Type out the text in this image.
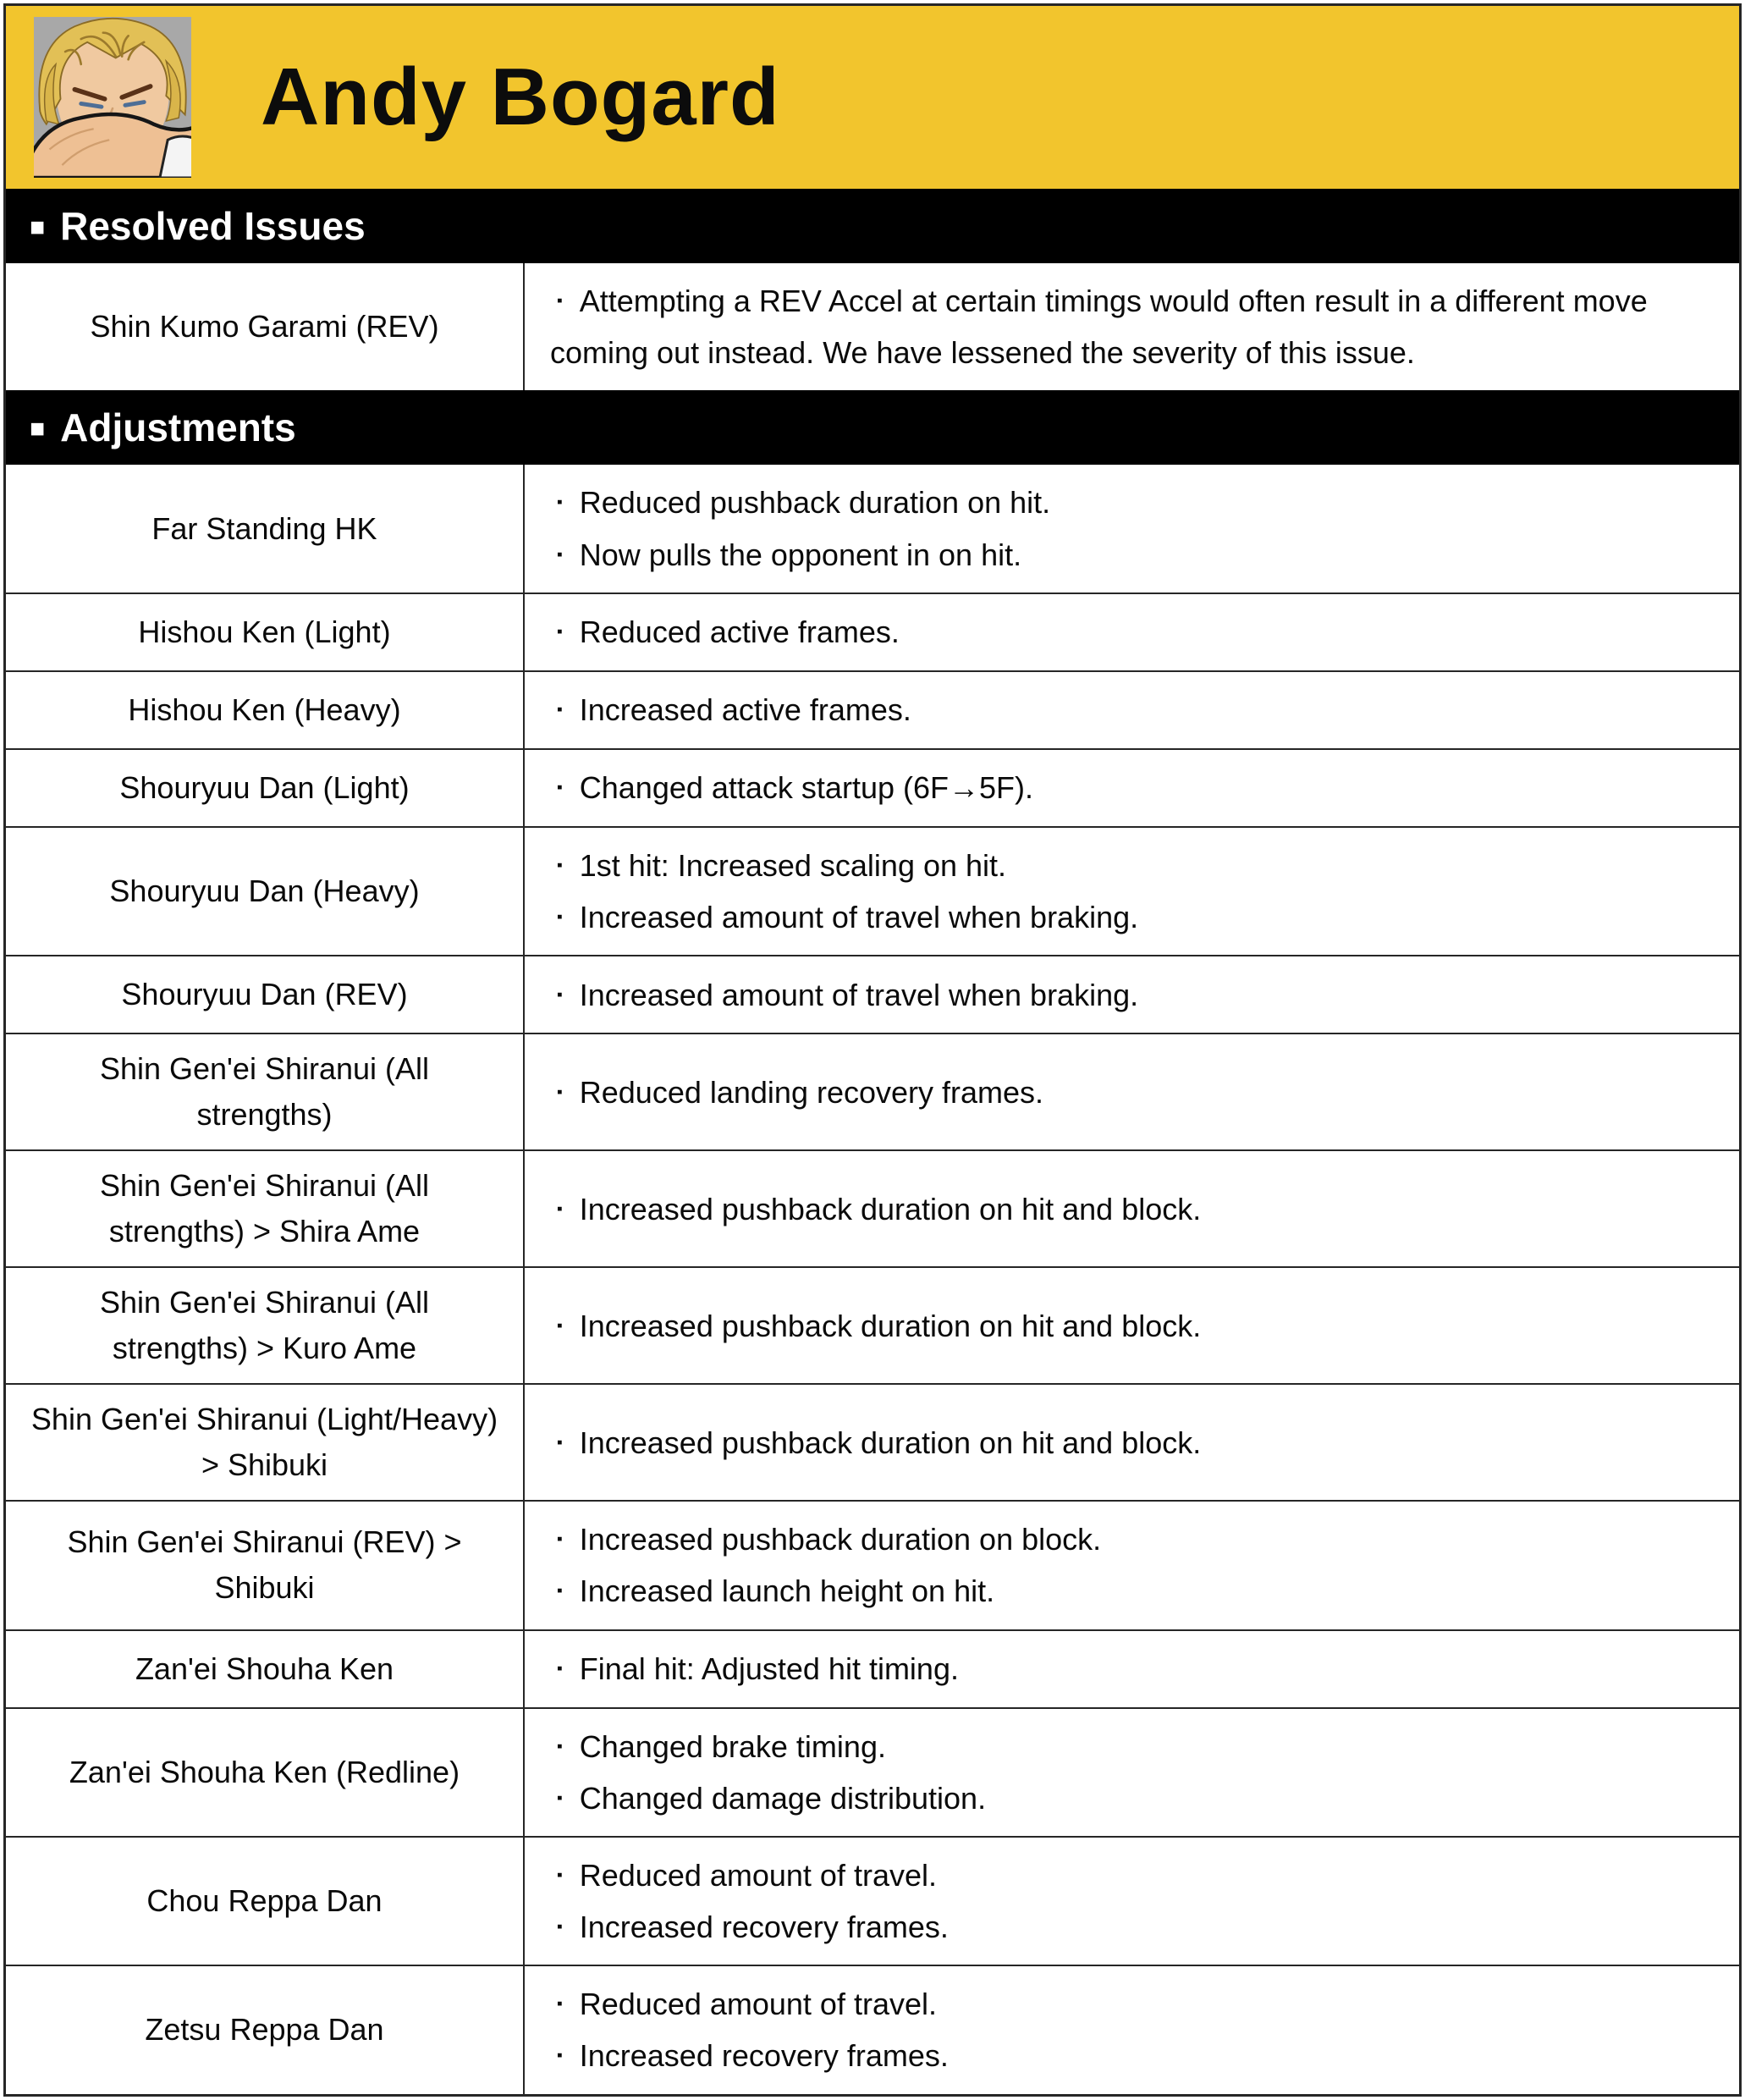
Andy Bogard
■ Resolved Issues
Shin Kumo Garami (REV)
▪ Attempting a REV Accel at certain timings would often result in a different move coming out instead. We have lessened the severity of this issue.
■ Adjustments
Far Standing HK
▪ Reduced pushback duration on hit.
▪ Now pulls the opponent in on hit.
Hishou Ken (Light)	▪ Reduced active frames.
Hishou Ken (Heavy)	▪ Increased active frames.
Shouryuu Dan (Light)	▪ Changed attack startup (6F→5F).
Shouryuu Dan (Heavy)
▪ 1st hit: Increased scaling on hit.
▪ Increased amount of travel when braking.
Shouryuu Dan (REV)	▪ Increased amount of travel when braking.
Shin Gen'ei Shiranui (All strengths)
▪ Reduced landing recovery frames.
Shin Gen'ei Shiranui (All strengths) > Shira Ame
▪ Increased pushback duration on hit and block.
Shin Gen'ei Shiranui (All strengths) > Kuro Ame
▪ Increased pushback duration on hit and block.
Shin Gen'ei Shiranui (Light/Heavy) > Shibuki
▪ Increased pushback duration on hit and block.
Shin Gen'ei Shiranui (REV) > Shibuki
▪ Increased pushback duration on block.
▪ Increased launch height on hit.
Zan'ei Shouha Ken	▪ Final hit: Adjusted hit timing.
Zan'ei Shouha Ken (Redline)
▪ Changed brake timing.
▪ Changed damage distribution.
Chou Reppa Dan
▪ Reduced amount of travel.
▪ Increased recovery frames.
Zetsu Reppa Dan
▪ Reduced amount of travel.
▪ Increased recovery frames.
